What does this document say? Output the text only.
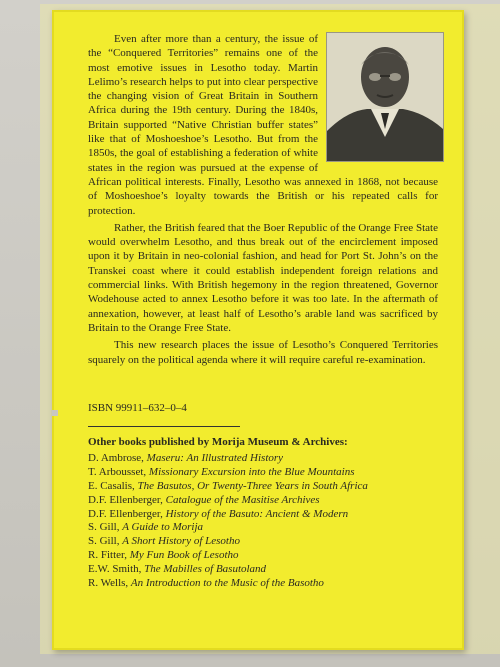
Even after more than a century, the issue of the “Conquered Territories” remains one of the most emotive issues in Lesotho today. Martin Lelimo’s research helps to put into clear perspective the changing vision of Great Britain in Southern Africa during the 19th century. During the 1840s, Britain supported “Native Christian buffer states” like that of Moshoeshoe’s Lesotho. But from the 1850s, the goal of establishing a federation of white states in the region was pursued at the expense of African political interests. Finally, Lesotho was annexed in 1868, not because of Moshoeshoe’s loyalty towards the British or his repeated calls for protection.

Rather, the British feared that the Boer Republic of the Orange Free State would overwhelm Lesotho, and thus break out of the encirclement imposed upon it by Britain in neo-colonial fashion, and head for Port St. John’s on the Transkei coast where it could establish independent foreign relations and commercial links. With British hegemony in the region threatened, Governor Wodehouse acted to annex Lesotho before it was too late. In the aftermath of annexation, however, at least half of Lesotho’s arable land was sacrificed by Britain to the Orange Free State.

This new research places the issue of Lesotho’s Conquered Territories squarely on the political agenda where it will require careful re-examination.

ISBN 99911–632–0–4
Other books published by Morija Museum & Archives:
D. Ambrose, Maseru: An Illustrated History
T. Arbousset, Missionary Excursion into the Blue Mountains
E. Casalis, The Basutos, Or Twenty-Three Years in South Africa
D.F. Ellenberger, Catalogue of the Masitise Archives
D.F. Ellenberger, History of the Basuto: Ancient & Modern
S. Gill, A Guide to Morija
S. Gill, A Short History of Lesotho
R. Fitter, My Fun Book of Lesotho
E.W. Smith, The Mabilles of Basutoland
R. Wells, An Introduction to the Music of the Basotho
